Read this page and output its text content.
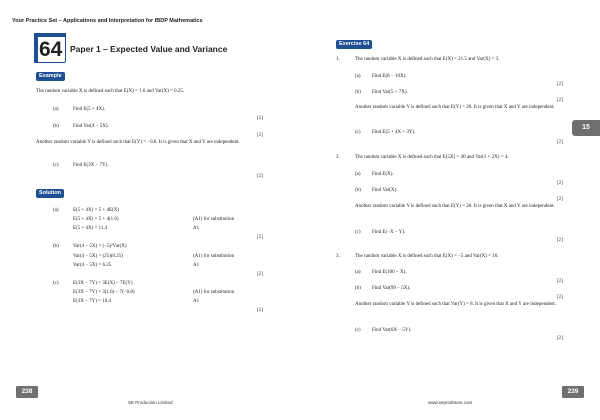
Your Practice Set – Applications and Interpretation for IBDP Mathematics
64 Paper 1 – Expected Value and Variance
Example
The random variable X is defined such that E(X) = 1.6 and Var(X) = 0.25.
(a)	Find E(5 + 4X).
[2]
(b)	Find Var(4 − 5X).
[2]
Another random variable Y is defined such that E(Y) = −0.8. It is given that X and Y are independent.
(c)	Find E(3X − 7Y).
[2]
Solution
(a)	E(5 + 4X) = 5 + 4E(X)
E(5 + 4X) = 5 + 4(1.6)	(A1) for substitution
E(5 + 4X) = 11.4	A1
[2]
(b)	Var(4 − 5X) = (−5)²Var(X)
Var(4 − 5X) = (25)(0.25)	(A1) for substitution
Var(4 − 5X) = 6.25	A1
[2]
(c)	E(3X − 7Y) = 3E(X) − 7E(Y)
E(3X − 7Y) = 3(1.6) − 7(−0.8)	(A1) for substitution
E(3X − 7Y) = 10.4	A1
[2]
Exercise 64
1.	The random variable X is defined such that E(X) = 21.5 and Var(X) = 3.
(a) Find E(8 − 10X).
[2]
(b) Find Var(5 + 7X).
[2]
Another random variable Y is defined such that E(Y) = 20. It is given that X and Y are independent.
(c) Find E(5 + 4X + 3Y).
[2]
2.	The random variable X is defined such that E(5X) = 40 and Var(1 + 2X) = 4.
(a) Find E(X).
[2]
(b) Find Var(X).
[2]
Another random variable Y is defined such that E(Y) = 20. It is given that X and Y are independent.
(c) Find E(−X − Y).
[2]
3.	The random variable X is defined such that E(X) = −5 and Var(X) = 16.
(a) Find E(100 − X).
[2]
(b) Find Var(99 − 5X).
[2]
Another random variable Y is defined such that Var(Y) = 8. It is given that X and Y are independent.
(c) Find Var(6X − 5Y).
[2]
15
238
SE Production Limited	www.seprodstore.com
239
